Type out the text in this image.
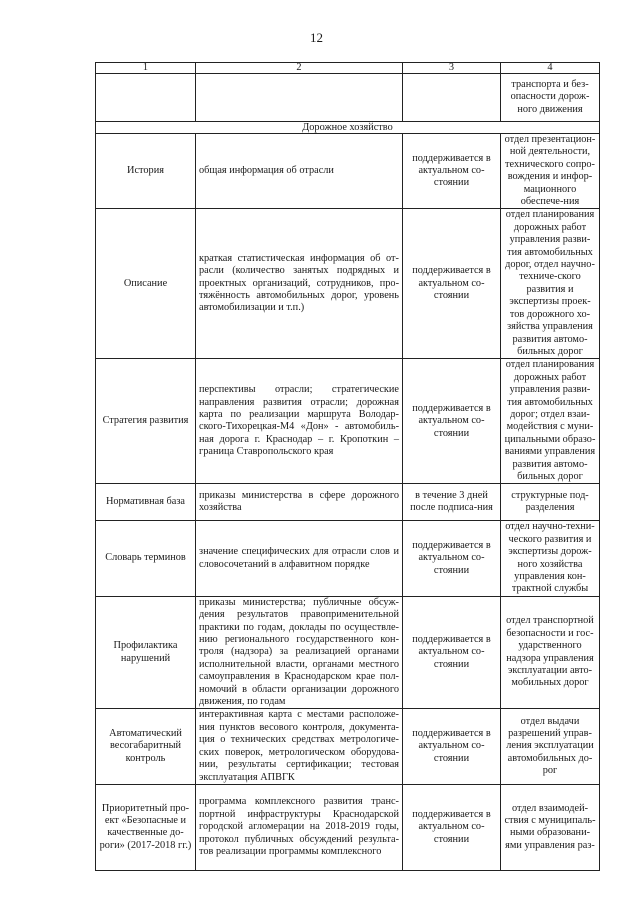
12
1	2	3	4
			транспорта и без-опасности дорож-ного движения
Дорожное хозяйство			
История	общая информация об отрасли	поддерживается в актуальном со-стоянии	отдел презентацион-ной деятельности, технического сопро-вождения и инфор-мационного обеспече-ния
Описание	краткая статистическая информация об от-расли (количество занятых подрядных и проектных организаций, сотрудников, про-тяжённость автомобильных дорог, уровень автомобилизации и т.п.)	поддерживается в актуальном со-стоянии	отдел планирования дорожных работ управления разви-тия автомобильных дорог, отдел научно-техниче-ского развития и экспертизы проек-тов дорожного хо-зяйства управления развития автомо-бильных дорог
Стратегия развития	перспективы отрасли; стратегические направления развития отрасли; дорожная карта по реализации маршрута Володар-ского-Тихорецкая-М4 «Дон» - автомобиль-ная дорога г. Краснодар – г. Кропоткин – граница Ставропольского края	поддерживается в актуальном со-стоянии	отдел планирования дорожных работ управления разви-тия автомобильных дорог; отдел взаи-модействия с муни-ципальными образо-ваниями управления развития автомо-бильных дорог
Нормативная база	приказы министерства в сфере дорожного хозяйства	в течение 3 дней после подписа-ния	структурные под-разделения
Словарь терминов	значение специфических для отрасли слов и словосочетаний в алфавитном порядке	поддерживается в актуальном со-стоянии	отдел научно-техни-ческого развития и экспертизы дорож-ного хозяйства управления кон-трактной службы
Профилактика нарушений	приказы министерства; публичные обсуж-дения результатов правоприменительной практики по годам, доклады по осуществле-нию регионального государственного кон-троля (надзора) за реализацией органами исполнительной власти, органами местного самоуправления в Краснодарском крае пол-номочий в области организации дорожного движения, по годам	поддерживается в актуальном со-стоянии	отдел транспортной безопасности и гос-ударственного надзора управления эксплуатации авто-мобильных дорог
Автоматический весогабаритный контроль	интерактивная карта с местами расположе-ния пунктов весового контроля, документа-ция о технических средствах метрологиче-ских поверок, метрологическом оборудова-нии, результаты сертификации; тестовая эксплуатация АПВГК	поддерживается в актуальном со-стоянии	отдел выдачи разрешений управ-ления эксплуатации автомобильных до-рог
Приоритетный про-ект «Безопасные и качественные до-роги» (2017-2018 гг.)	программа комплексного развития транс-портной инфраструктуры Краснодарской городской агломерации на 2018-2019 годы, протокол публичных обсуждений результа-тов реализации программы комплексного	поддерживается в актуальном со-стоянии	отдел взаимодей-ствия с муниципаль-ными образовани-ями управления раз-
